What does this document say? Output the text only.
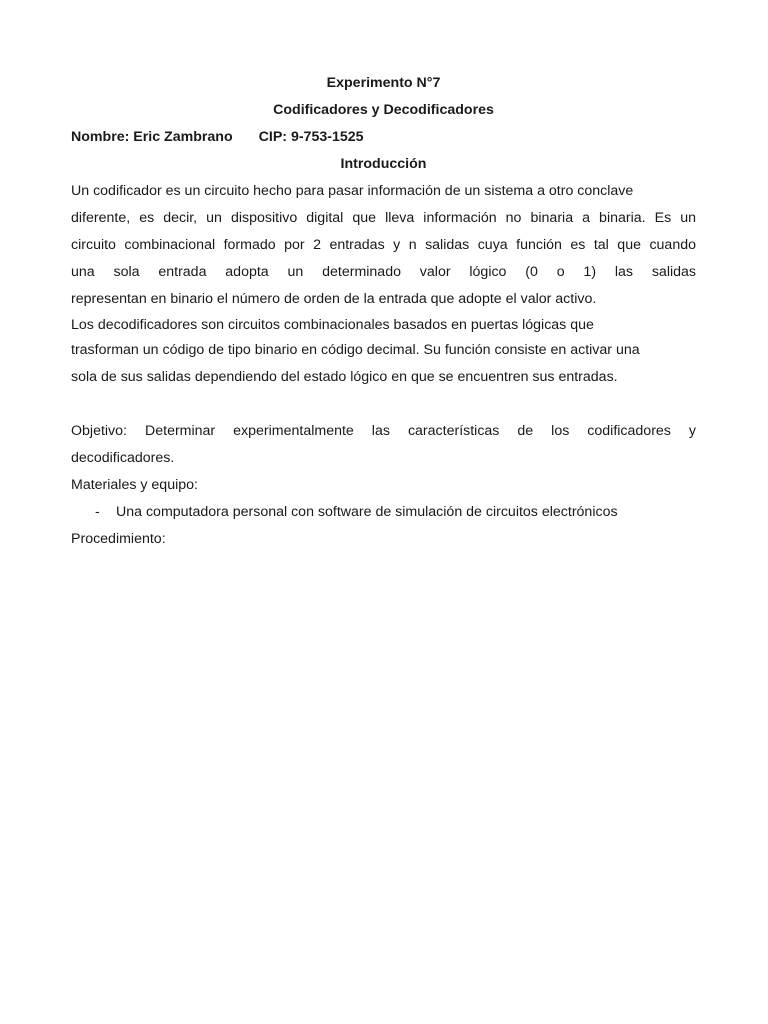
Experimento N°7
Codificadores y Decodificadores
Nombre: Eric Zambrano CIP: 9-753-1525
Introducción
Un codificador es un circuito hecho para pasar información de un sistema a otro conclave
diferente, es decir, un dispositivo digital que lleva información no binaria a binaria. Es un
circuito combinacional formado por 2 entradas y n salidas cuya función es tal que cuando
una sola entrada adopta un determinado valor lógico (0 o 1) las salidas
representan en binario el número de orden de la entrada que adopte el valor activo.
Los decodificadores son circuitos combinacionales basados en puertas lógicas que
trasforman un código de tipo binario en código decimal. Su función consiste en activar una
sola de sus salidas dependiendo del estado lógico en que se encuentren sus entradas.
Objetivo: Determinar experimentalmente las características de los codificadores y
decodificadores.
Materiales y equipo:
- Una computadora personal con software de simulación de circuitos electrónicos
Procedimiento:
